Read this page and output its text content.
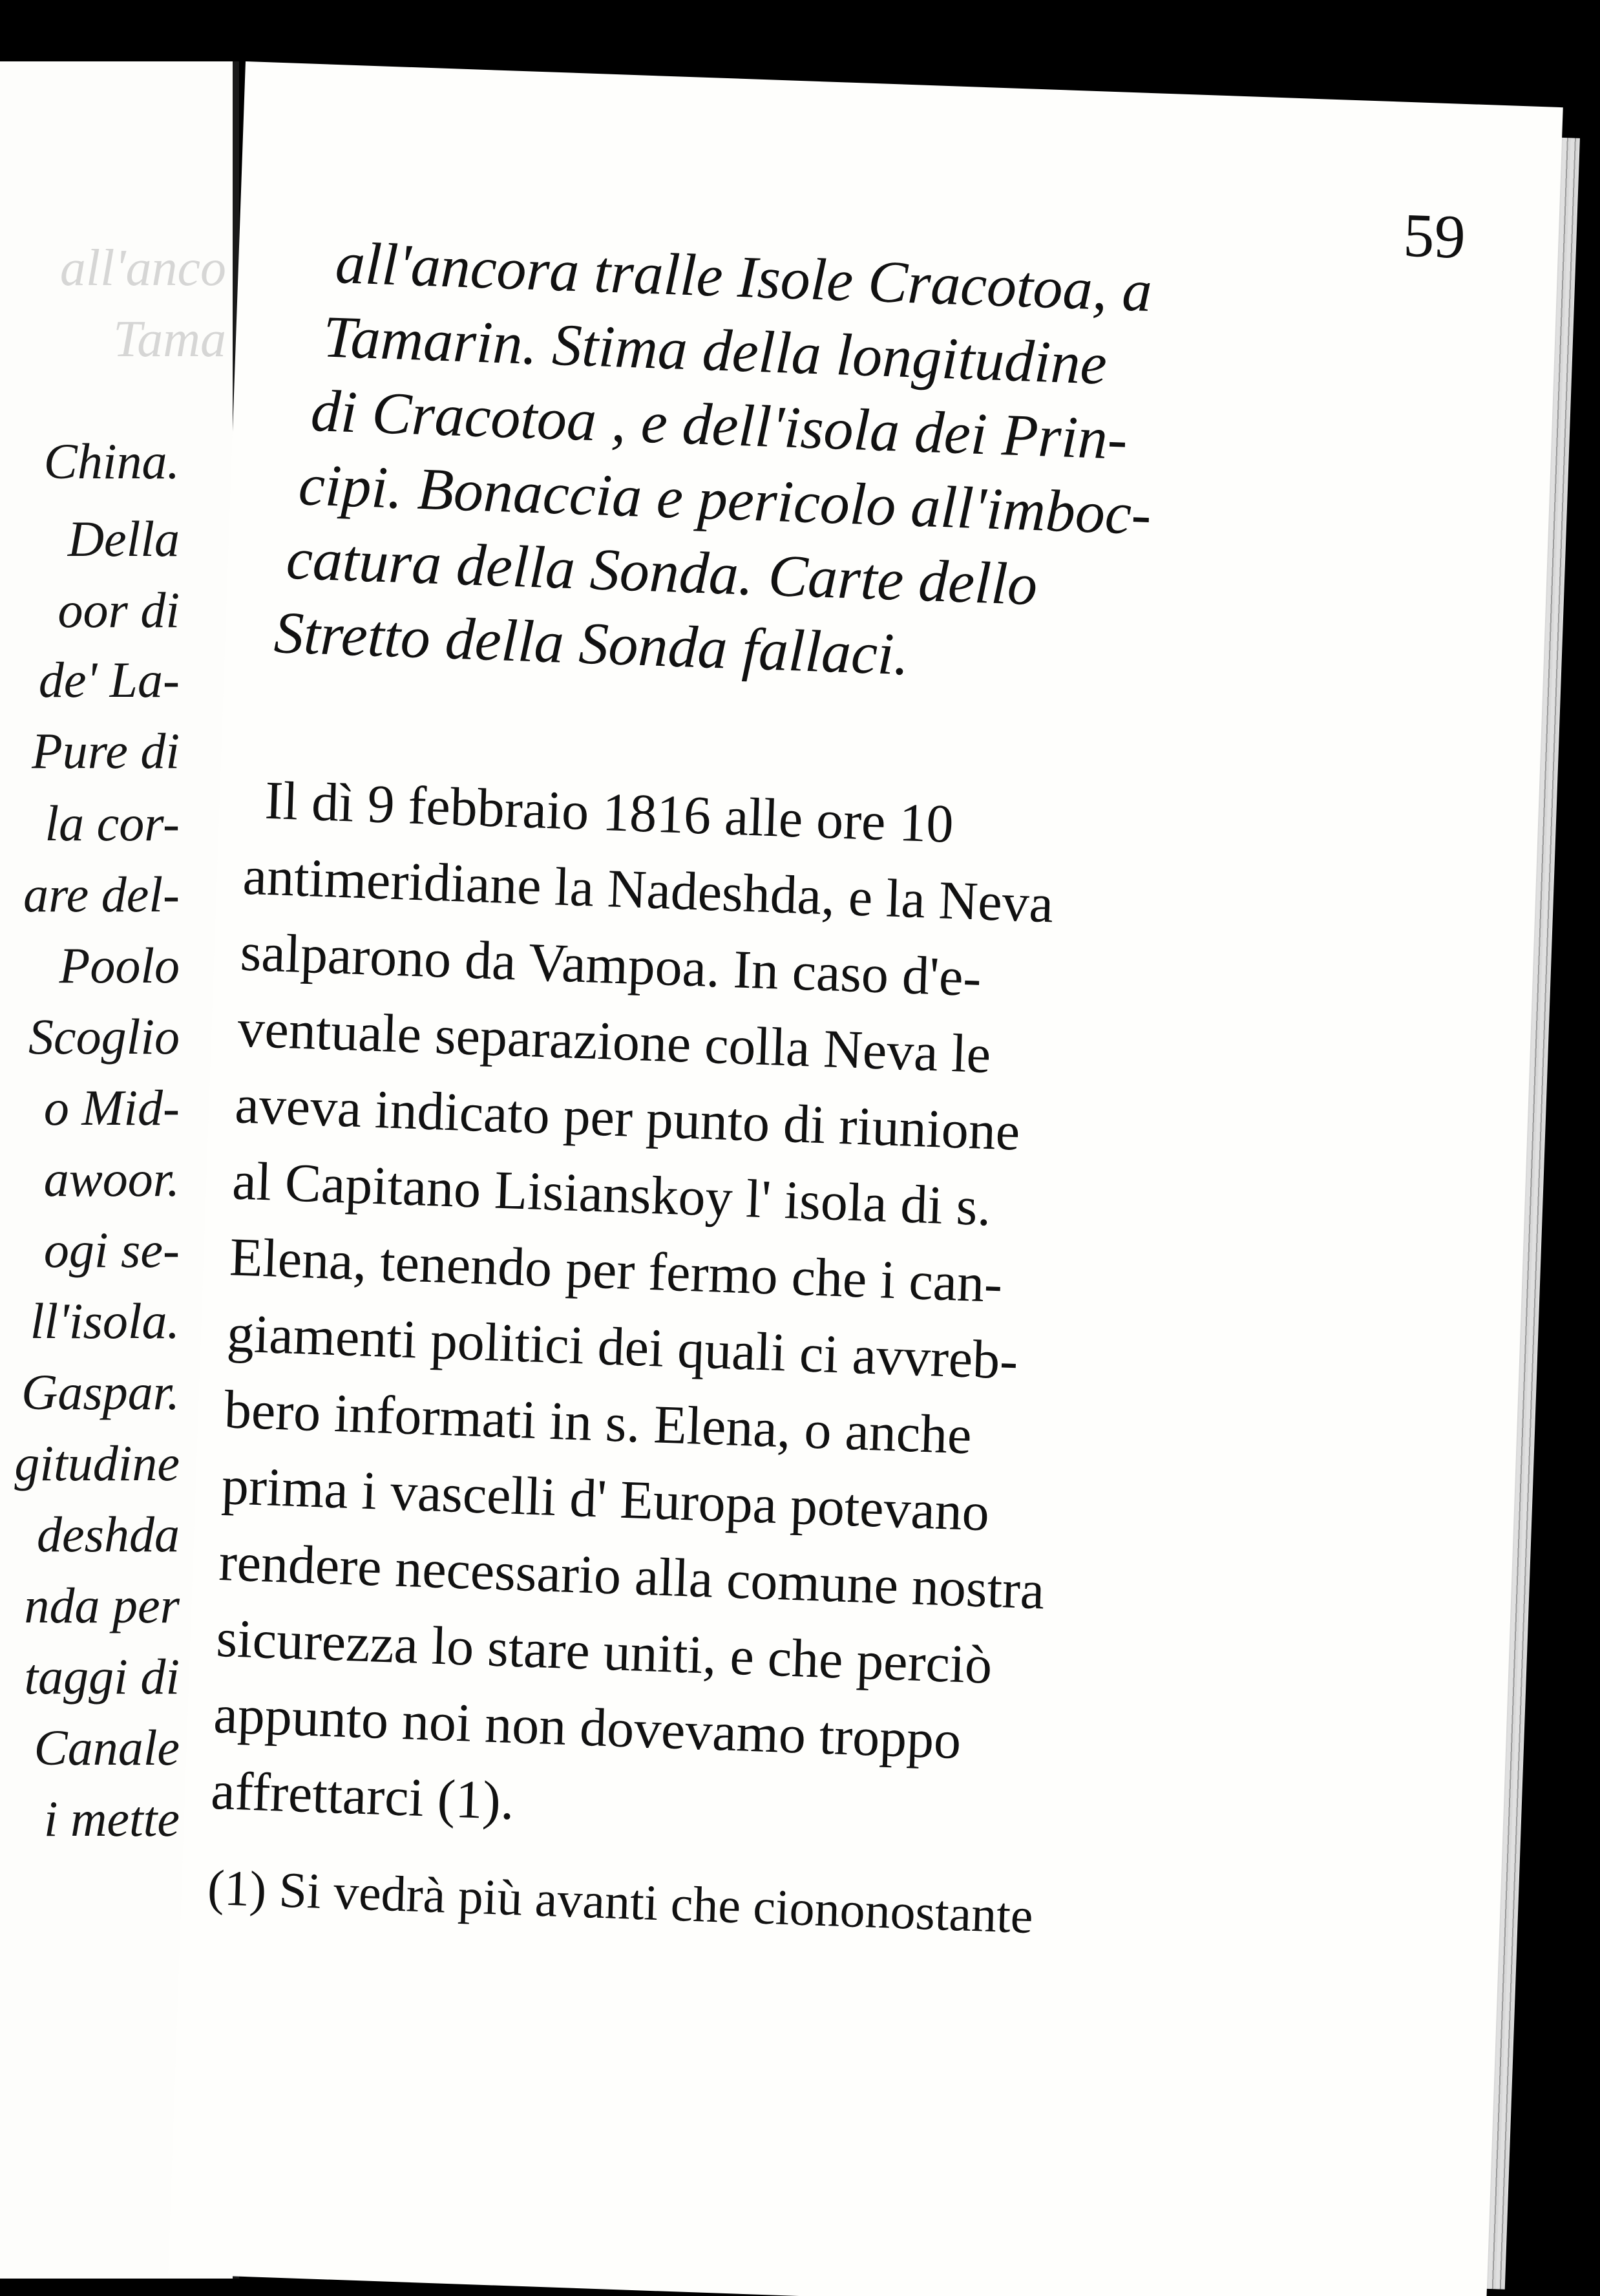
all'anco
Tama
China.
Della
oor di
de' La-
Pure di
la cor-
are del-
Poolo
Scoglio
o Mid-
awoor.
ogi se-
ll'isola.
Gaspar.
gitudine
deshda
nda per
taggi di
Canale
i mette
59
all'ancora tralle Isole Cracotoa, a
Tamarin. Stima della longitudine
di Cracotoa , e dell'isola dei Prin-
cipi. Bonaccia e pericolo all'imboc-
catura della Sonda. Carte dello
Stretto della Sonda fallaci.
Il dì 9 febbraio 1816 alle ore 10
antimeridiane la Nadeshda, e la Neva
salparono da Vampoa. In caso d'e-
ventuale separazione colla Neva le
aveva indicato per punto di riunione
al Capitano Lisianskoy l' isola di s.
Elena, tenendo per fermo che i can-
giamenti politici dei quali ci avvreb-
bero informati in s. Elena, o anche
prima i vascelli d' Europa potevano
rendere necessario alla comune nostra
sicurezza lo stare uniti, e che perciò
appunto noi non dovevamo troppo
affrettarci (1).
(1) Si vedrà più avanti che ciononostante
